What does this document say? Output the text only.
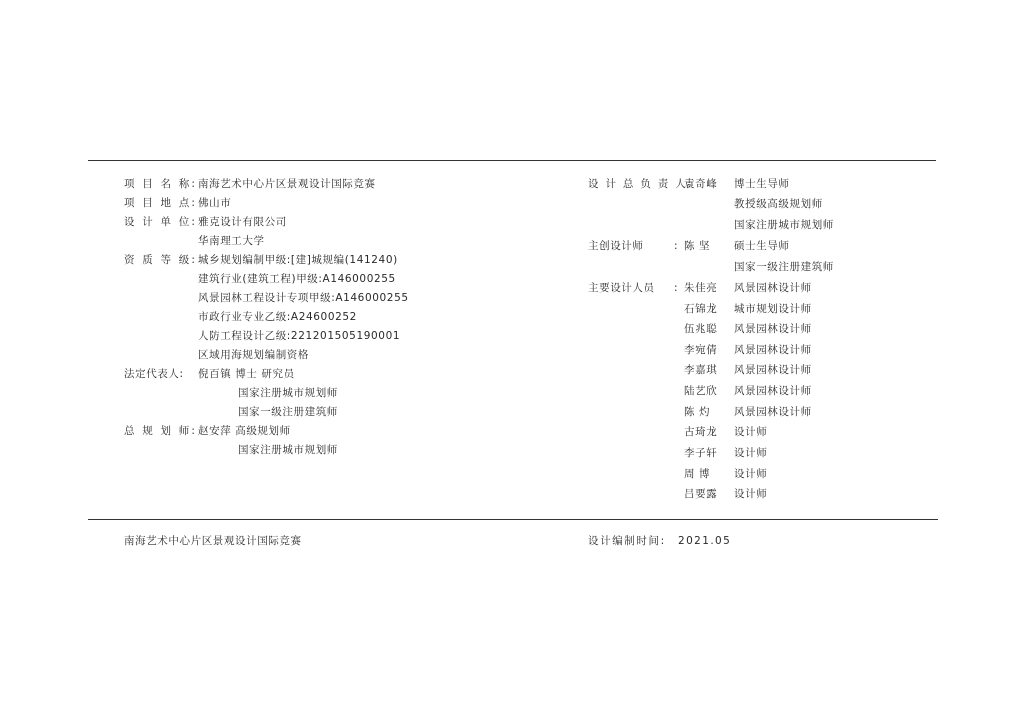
项 目 名 称: 南海艺术中心片区景观设计国际竞赛
项 目 地 点: 佛山市
设 计 单 位: 雅克设计有限公司
华南理工大学
资 质 等 级: 城乡规划编制甲级:[建]城规编(141240)
建筑行业(建筑工程)甲级:A146000255
风景园林工程设计专项甲级:A146000255
市政行业专业乙级:A24600252
人防工程设计乙级:221201505190001
区域用海规划编制资格
法定代表人: 倪百镇 博士 研究员
国家注册城市规划师
国家一级注册建筑师
总 规 划 师: 赵安萍 高级规划师
国家注册城市规划师
设 计 总 负 责 人:
袁奇峰 博士生导师
教授级高级规划师
国家注册城市规划师
主创设计师	: 陈 坚 硕士生导师
国家一级注册建筑师
主要设计人员 : 朱佳亮 风景园林设计师
石锦龙 城市规划设计师
伍兆聪 风景园林设计师
李宛倩 风景园林设计师
李嘉琪 风景园林设计师
陆艺欣 风景园林设计师
陈 灼 风景园林设计师
古琦龙 设计师
李子轩 设计师
周 博 设计师
吕要露 设计师
南海艺术中心片区景观设计国际竞赛	设计编制时间: 2021.05
